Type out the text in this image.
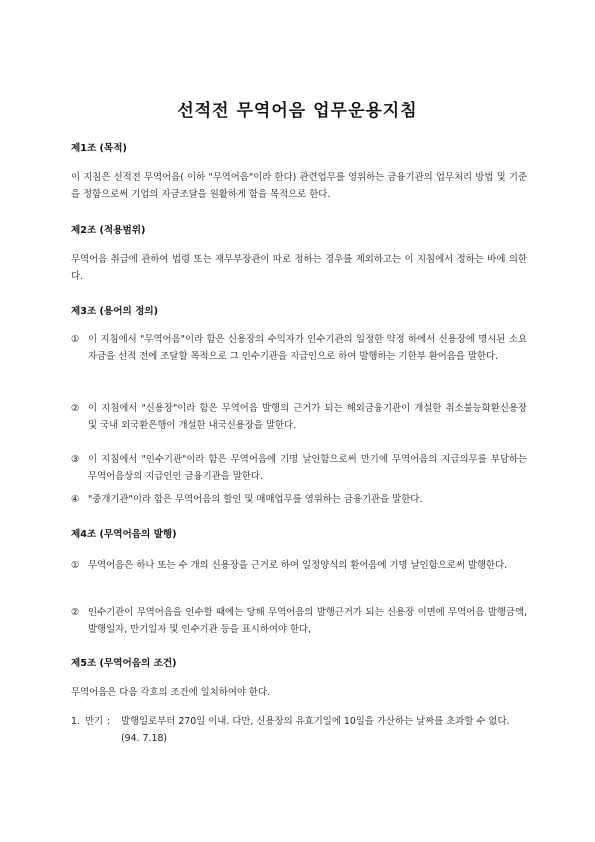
선적전 무역어음 업무운용지침
제1조 (목적)

이 지침은 선적전 무역어음( 이하 "무역어음"이라 한다) 관련업무를 영위하는 금융기관의 업무처리 방법 및 기준을 정함으로써 기업의 자금조달을 원활하게 함을 목적으로 한다.

제2조 (적용범위)

무역어음 취급에 관하여 법령 또는 재무부장관이 따로 정하는 경우를 제외하고는 이 지침에서 정하는 바에 의한다.

제3조 (용어의 정의)
① 이 지침에서 "무역어음"이라 함은 신용장의 수익자가 인수기관의 일정한 약정 하에서 신용장에 명시된 소요자금을 선적 전에 조달할 목적으로 그 인수기관을 지급인으로 하여 발행하는 기한부 환어음을 말한다.
② 이 지침에서 "신용장"이라 함은 무역어음 발행의 근거가 되는 해외금융기관이 개설한 취소불능화환신용장 및 국내 외국환은행이 개설한 내국신용장을 말한다.
③ 이 지침에서 "인수기관"이라 함은 무역어음에 기명 날인함으로써 만기에 무역어음의 지급의무를 부담하는 무역어음상의 지급인인 금융기관을 말한다.
④ "중개기관"이라 함은 무역어음의 할인 및 매매업무를 영위하는 금융기관을 말한다.
제4조 (무역어음의 발행)
① 무역어음은 하나 또는 수 개의 신용장을 근거로 하여 일정양식의 환어음에 기명 날인함으로써 발행한다.
② 인수기관이 무역어음을 인수할 때에는 당해 무역어음의 발행근거가 되는 신용장 이면에 무역어음 발행금액, 발행일자, 만기일자 및 인수기관 등을 표시하여야 한다,
제5조 (무역어음의 조건)

무역어음은 다음 각호의 조건에 일치하여야 한다.

1. 만기 : 발행일로부터 270일 이내. 다만, 신용장의 유효기일에 10일을 가산하는 날짜를 초과할 수 없다. (94. 7.18)
